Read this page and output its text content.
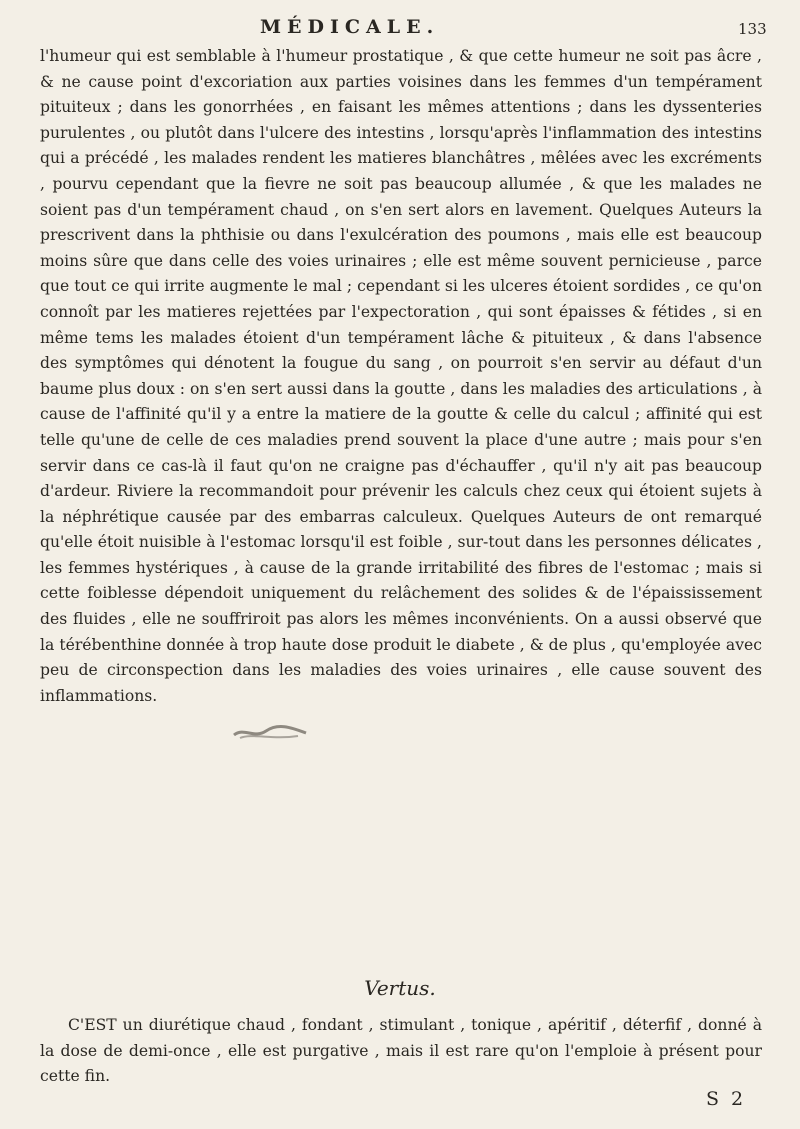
MÉDICALE.	133

l'humeur qui est semblable à l'humeur prostatique , & que cette humeur ne soit pas âcre , & ne cause point d'excoriation aux parties voisines dans les femmes d'un tempérament pituiteux ; dans les gonorrhées , en faisant les mêmes attentions ; dans les dyssenteries purulentes , ou plutôt dans l'ulcere des intestins , lorsqu'après l'inflammation des intestins qui a précédé , les malades rendent les matieres blanchâtres , mêlées avec les excréments , pourvu cependant que la fievre ne soit pas beaucoup allumée , & que les malades ne soient pas d'un tempérament chaud , on s'en sert alors en lavement. Quelques Auteurs la prescrivent dans la phthisie ou dans l'exulcération des poumons , mais elle est beaucoup moins sûre que dans celle des voies urinaires ; elle est même souvent pernicieuse , parce que tout ce qui irrite augmente le mal ; cependant si les ulceres étoient sordides , ce qu'on connoît par les matieres rejettées par l'expectoration , qui sont épaisses & fétides , si en même tems les malades étoient d'un tempérament lâche & pituiteux , & dans l'absence des symptômes qui dénotent la fougue du sang , on pourroit s'en servir au défaut d'un baume plus doux : on s'en sert aussi dans la goutte , dans les maladies des articulations , à cause de l'affinité qu'il y a entre la matiere de la goutte & celle du calcul ; affinité qui est telle qu'une de celle de ces maladies prend souvent la place d'une autre ; mais pour s'en servir dans ce cas-là il faut qu'on ne craigne pas d'échauffer , qu'il n'y ait pas beaucoup d'ardeur. Riviere la recommandoit pour prévenir les calculs chez ceux qui étoient sujets à la néphrétique causée par des embarras calculeux. Quelques Auteurs de ont remarqué qu'elle étoit nuisible à l'estomac lorsqu'il est foible , sur-tout dans les personnes délicates , les femmes hystériques , à cause de la grande irritabilité des fibres de l'estomac ; mais si cette foiblesse dépendoit uniquement du relâchement des solides & de l'épaississement des fluides , elle ne souffriroit pas alors les mêmes inconvénients. On a aussi observé que la térébenthine donnée à trop haute dose produit le diabete , & de plus , qu'employée avec peu de circonspection dans les maladies des voies urinaires , elle cause souvent des inflammations.

Vertus.

C'EST un diurétique chaud , fondant , stimulant , tonique , apéritif , déterfif , donné à la dose de demi-once , elle est purgative , mais il est rare qu'on l'emploie à présent pour cette fin.

S 2
